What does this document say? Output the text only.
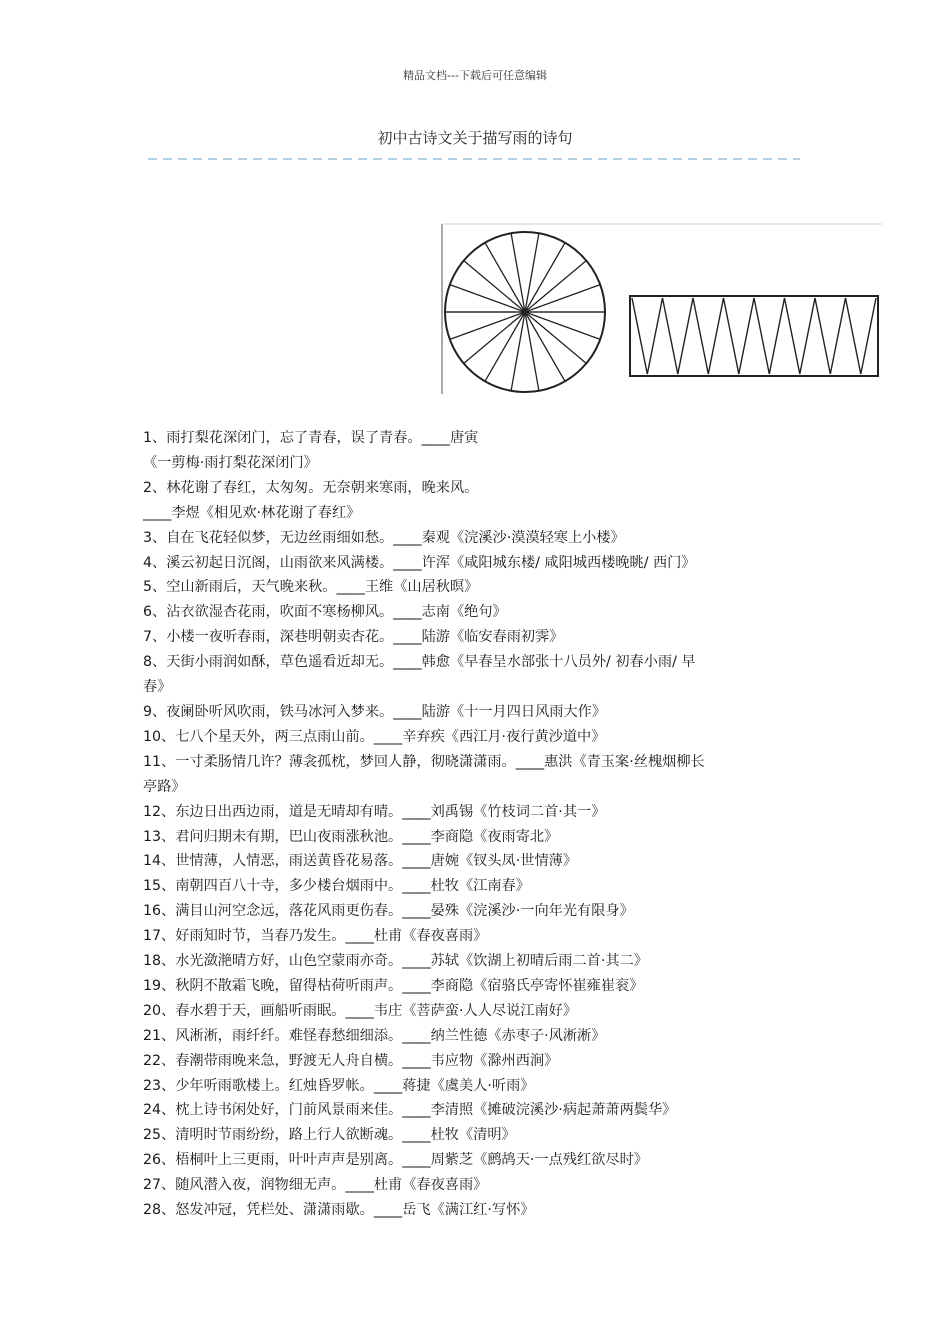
精品文档---下载后可任意编辑
初中古诗文关于描写雨的诗句

1、雨打梨花深闭门，忘了青春，误了青春。____唐寅

《一剪梅·雨打梨花深闭门》

2、林花谢了春红，太匆匆。无奈朝来寒雨，晚来风。

____李煜《相见欢·林花谢了春红》

3、自在飞花轻似梦，无边丝雨细如愁。____秦观《浣溪沙·漠漠轻寒上小楼》

4、溪云初起日沉阁，山雨欲来风满楼。____许浑《咸阳城东楼/ 咸阳城西楼晚眺/ 西门》

5、空山新雨后，天气晚来秋。____王维《山居秋暝》

6、沾衣欲湿杏花雨，吹面不寒杨柳风。____志南《绝句》

7、小楼一夜听春雨，深巷明朝卖杏花。____陆游《临安春雨初霁》

8、天街小雨润如酥，草色遥看近却无。____韩愈《早春呈水部张十八员外/ 初春小雨/ 早

春》

9、夜阑卧听风吹雨，铁马冰河入梦来。____陆游《十一月四日风雨大作》

10、七八个星天外，两三点雨山前。____辛弃疾《西江月·夜行黄沙道中》

11、一寸柔肠情几许？薄衾孤枕，梦回人静，彻晓潇潇雨。____惠洪《青玉案·丝槐烟柳长

亭路》

12、东边日出西边雨，道是无晴却有晴。____刘禹锡《竹枝词二首·其一》

13、君问归期未有期，巴山夜雨涨秋池。____李商隐《夜雨寄北》

14、世情薄，人情恶，雨送黄昏花易落。____唐婉《钗头凤·世情薄》

15、南朝四百八十寺，多少楼台烟雨中。____杜牧《江南春》

16、满目山河空念远，落花风雨更伤春。____晏殊《浣溪沙·一向年光有限身》

17、好雨知时节，当春乃发生。____杜甫《春夜喜雨》

18、水光潋滟晴方好，山色空蒙雨亦奇。____苏轼《饮湖上初晴后雨二首·其二》

19、秋阴不散霜飞晚，留得枯荷听雨声。____李商隐《宿骆氏亭寄怀崔雍崔衮》

20、春水碧于天，画船听雨眠。____韦庄《菩萨蛮·人人尽说江南好》

21、风淅淅，雨纤纤。难怪春愁细细添。____纳兰性德《赤枣子·风淅淅》

22、春潮带雨晚来急，野渡无人舟自横。____韦应物《滁州西涧》

23、少年听雨歌楼上。红烛昏罗帐。____蒋捷《虞美人·听雨》

24、枕上诗书闲处好，门前风景雨来佳。____李清照《摊破浣溪沙·病起萧萧两鬓华》

25、清明时节雨纷纷，路上行人欲断魂。____杜牧《清明》

26、梧桐叶上三更雨，叶叶声声是别离。____周紫芝《鹧鸪天·一点残红欲尽时》

27、随风潜入夜，润物细无声。____杜甫《春夜喜雨》

28、怒发冲冠，凭栏处、潇潇雨歇。____岳飞《满江红·写怀》
